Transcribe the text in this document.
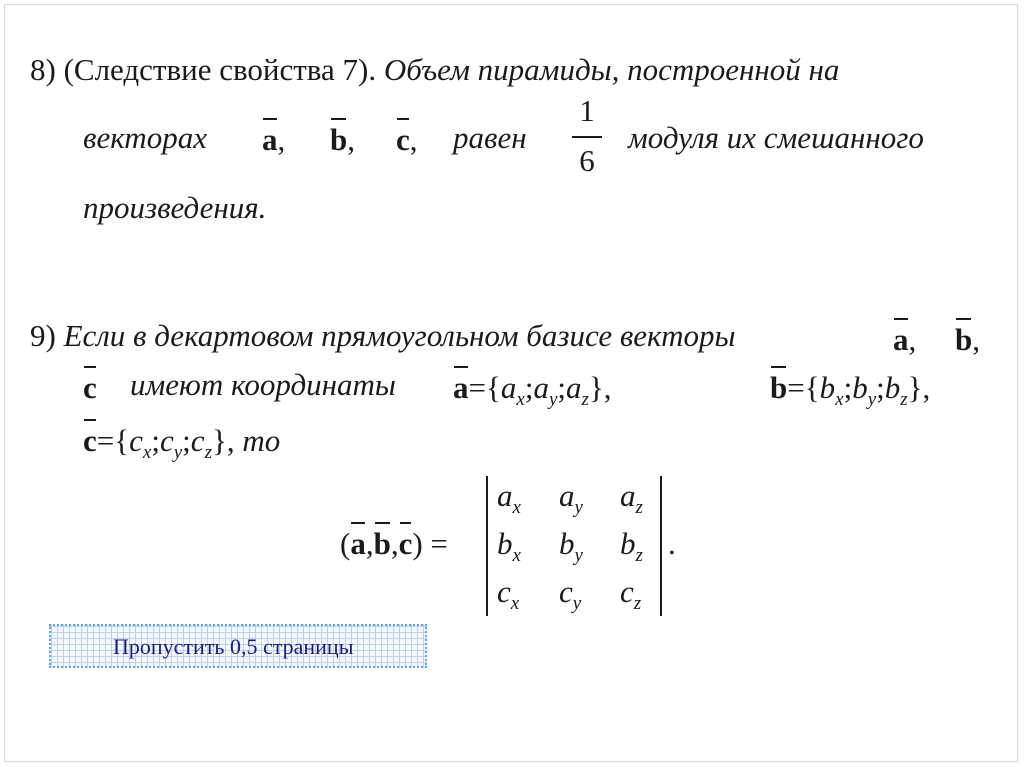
8) (Следствие свойства 7). Объем пирамиды, построенной на
векторах a, b, c, равен
1
6
модуля их смешанного
произведения.
9) Если в декартовом прямоугольном базисе векторы	a, b,
c имеют координаты $a=\{a_x;a_y;a_z\}$,	$b=\{b_x;b_y;b_z\}$,
$c=\{c_x;c_y;c_z\}$, то
(a,b,c) =	.
$a_x$ $a_y$ $a_z$
$b_x$ $b_y$ $b_z$
$c_x$ $c_y$ $c_z$
Пропустить 0,5 страницы
